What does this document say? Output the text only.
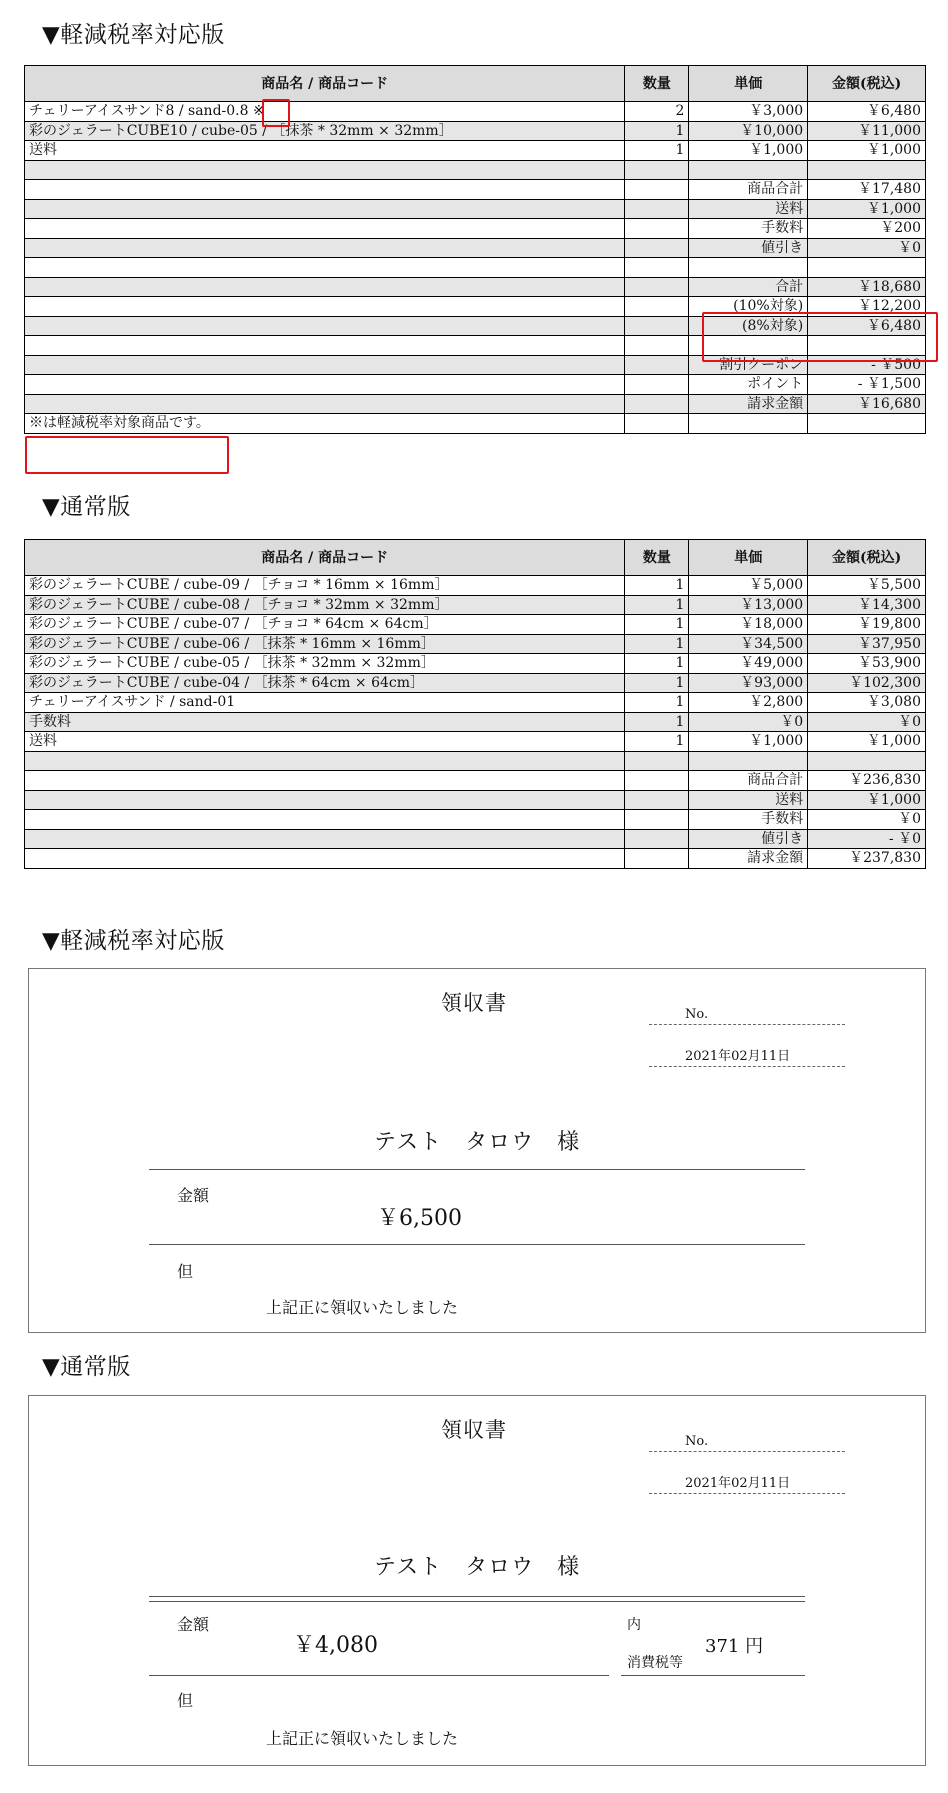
▼軽減税率対応版
商品名 / 商品コード	数量	単価	金額(税込)
チェリーアイスサンド8 / sand-0.8 ※	2	￥3,000	￥6,480
彩のジェラートCUBE10 / cube-05 / ［抹茶 * 32mm × 32mm］	1	￥10,000	￥11,000
送料	1	￥1,000	￥1,000

		商品合計	￥17,480
		送料	￥1,000
		手数料	￥200
		値引き	￥0

		合計	￥18,680
		(10%対象)	￥12,200
		(8%対象)	￥6,480

		割引クーポン	- ￥500
		ポイント	- ￥1,500
		請求金額	￥16,680
※は軽減税率対象商品です。			
▼通常版
商品名 / 商品コード	数量	単価	金額(税込)
彩のジェラートCUBE / cube-09 / ［チョコ * 16mm × 16mm］	1	￥5,000	￥5,500
彩のジェラートCUBE / cube-08 / ［チョコ * 32mm × 32mm］	1	￥13,000	￥14,300
彩のジェラートCUBE / cube-07 / ［チョコ * 64cm × 64cm］	1	￥18,000	￥19,800
彩のジェラートCUBE / cube-06 / ［抹茶 * 16mm × 16mm］	1	￥34,500	￥37,950
彩のジェラートCUBE / cube-05 / ［抹茶 * 32mm × 32mm］	1	￥49,000	￥53,900
彩のジェラートCUBE / cube-04 / ［抹茶 * 64cm × 64cm］	1	￥93,000	￥102,300
チェリーアイスサンド / sand-01	1	￥2,800	￥3,080
手数料	1	￥0	￥0
送料	1	￥1,000	￥1,000

		商品合計	￥236,830
		送料	￥1,000
		手数料	￥0
		値引き	- ￥0
		請求金額	￥237,830
▼軽減税率対応版
領収書	No.
2021年02月11日
テスト　タロウ　様
金額
￥6,500
但
上記正に領収いたしました
▼通常版
領収書	No.
2021年02月11日
テスト　タロウ　様
金額
￥4,080
内
消費税等
371 円
但
上記正に領収いたしました
